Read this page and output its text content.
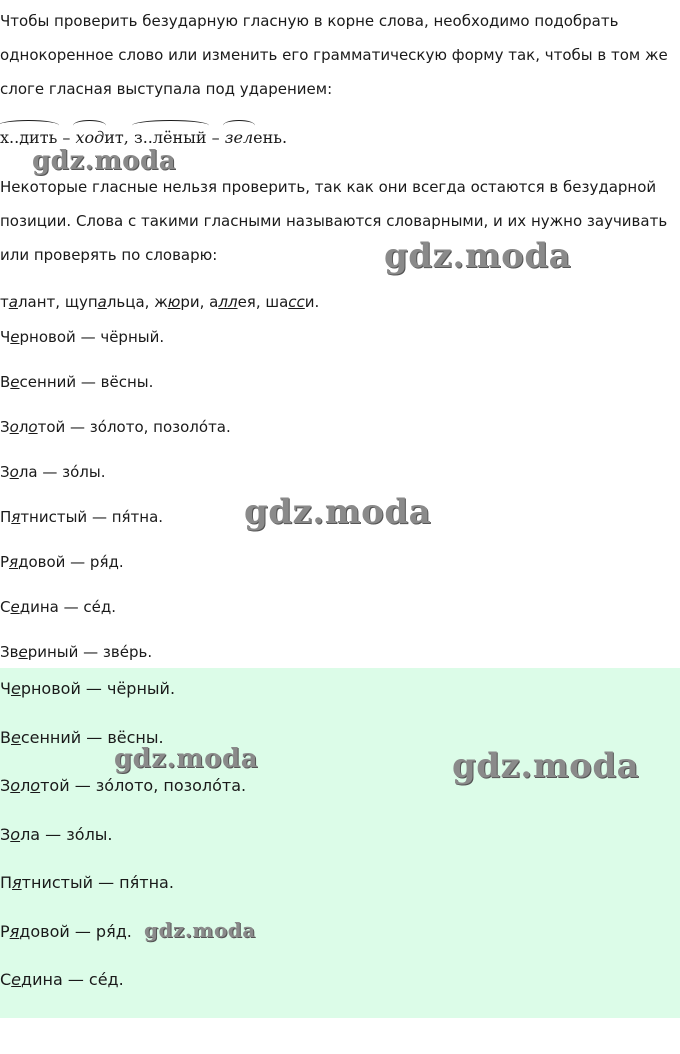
Чтобы проверить безударную гласную в корне слова, необходимо подобрать однокоренное слово или изменить его грамматическую форму так, чтобы в том же слоге гласная выступала под ударением:
х..дить – ходит, з..лёный – зелень.
Некоторые гласные нельзя проверить, так как они всегда остаются в безударной позиции. Слова с такими гласными называются словарными, и их нужно заучивать или проверять по словарю:
талант, щупальца, жюри, аллея, шасси.
Черновой — чёрный.
Весенний — вёсны.
Золотой — зо́лото, позоло́та.
Зола — зо́лы.
Пятнистый — пя́тна.
Рядовой — ря́д.
Седина — се́д.
Звериный — зве́рь.
Черновой — чёрный.
Весенний — вёсны.
Золотой — зо́лото, позоло́та.
Зола — зо́лы.
Пятнистый — пя́тна.
Рядовой — ря́д.
Седина — се́д.
gdz.moda
gdz.moda
gdz.moda
gdz.moda	gdz.moda
gdz.moda
